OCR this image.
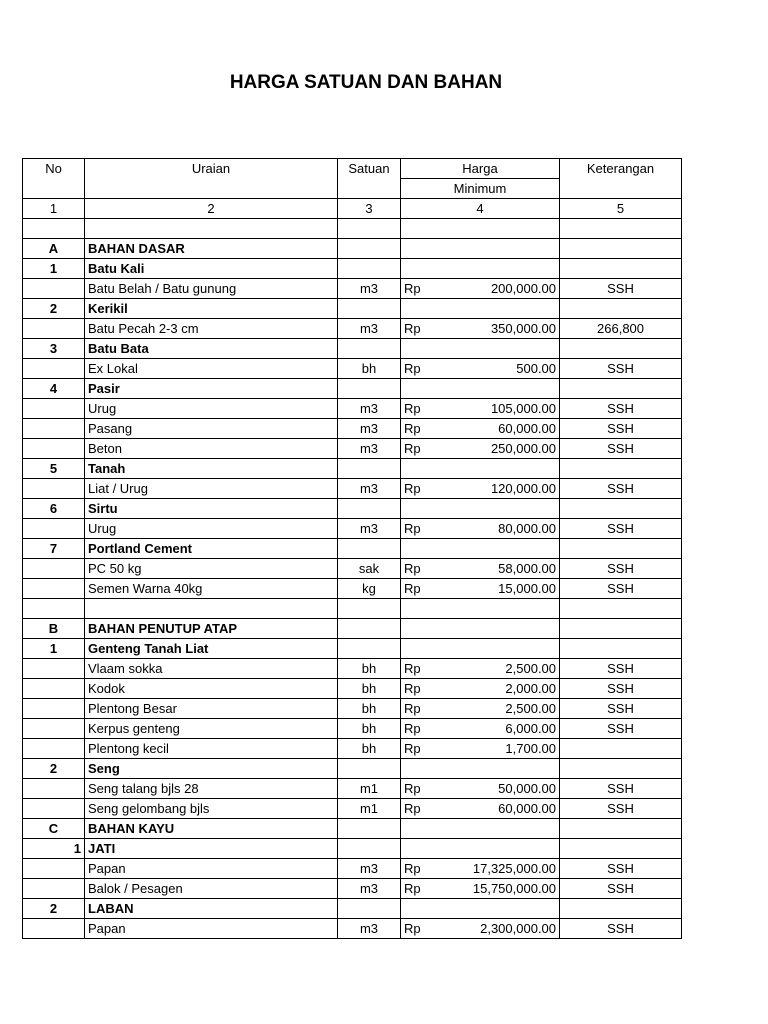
HARGA SATUAN DAN BAHAN
No	Uraian	Satuan	Harga		Keterangan
			Minimum		
1	2	3	4		5

A	BAHAN DASAR				
1	Batu Kali				
	Batu Belah / Batu gunung	m3	Rp	200,000.00	SSH
2	Kerikil				
	Batu Pecah 2-3 cm	m3	Rp	350,000.00	266,800
3	Batu Bata				
	Ex Lokal	bh	Rp	500.00	SSH
4	Pasir				
	Urug	m3	Rp	105,000.00	SSH
	Pasang	m3	Rp	60,000.00	SSH
	Beton	m3	Rp	250,000.00	SSH
5	Tanah				
	Liat / Urug	m3	Rp	120,000.00	SSH
6	Sirtu				
	Urug	m3	Rp	80,000.00	SSH
7	Portland Cement				
	PC 50 kg	sak	Rp	58,000.00	SSH
	Semen Warna 40kg	kg	Rp	15,000.00	SSH

B	BAHAN PENUTUP ATAP				
1	Genteng Tanah Liat				
	Vlaam sokka	bh	Rp	2,500.00	SSH
	Kodok	bh	Rp	2,000.00	SSH
	Plentong Besar	bh	Rp	2,500.00	SSH
	Kerpus genteng	bh	Rp	6,000.00	SSH
	Plentong kecil	bh	Rp	1,700.00	
2	Seng				
	Seng talang bjls 28	m1	Rp	50,000.00	SSH
	Seng gelombang bjls	m1	Rp	60,000.00	SSH
C	BAHAN KAYU				
1	JATI				
	Papan	m3	Rp	17,325,000.00	SSH
	Balok / Pesagen	m3	Rp	15,750,000.00	SSH
2	LABAN				
	Papan	m3	Rp	2,300,000.00	SSH
